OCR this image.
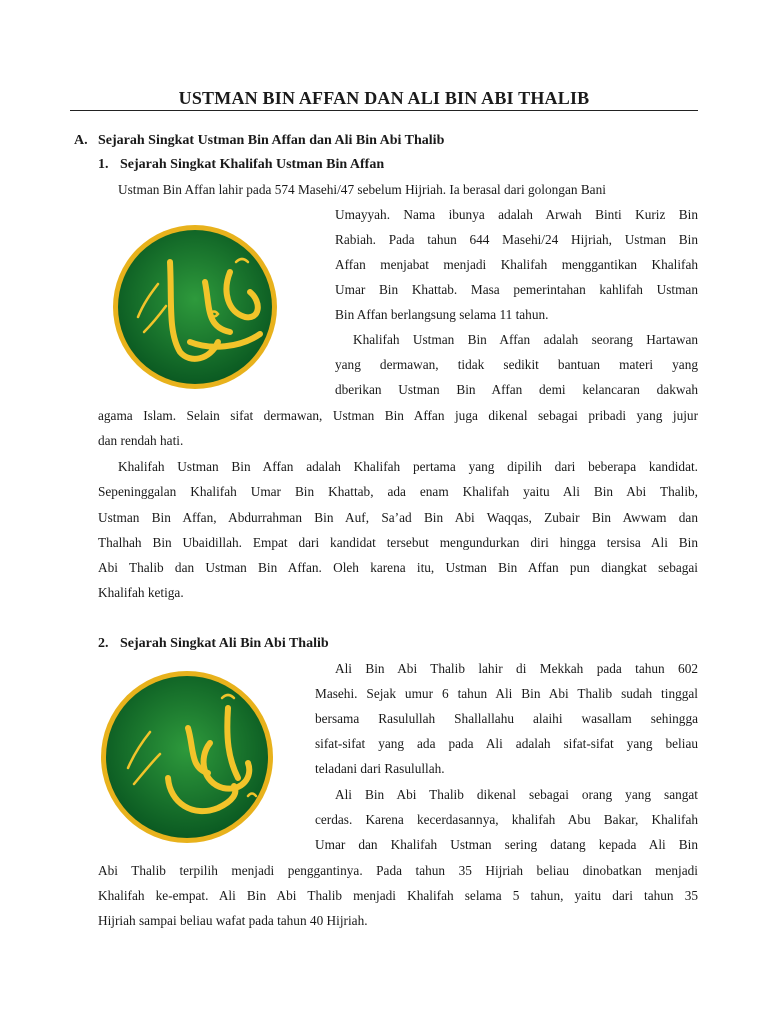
USTMAN BIN AFFAN DAN ALI BIN ABI THALIB
A. Sejarah Singkat Ustman Bin Affan dan Ali Bin Abi Thalib
1. Sejarah Singkat Khalifah Ustman Bin Affan
Ustman Bin Affan lahir pada 574 Masehi/47 sebelum Hijriah. Ia berasal dari golongan Bani
Umayyah. Nama ibunya adalah Arwah Binti Kuriz Bin
Rabiah. Pada tahun 644 Masehi/24 Hijriah, Ustman Bin
Affan menjabat menjadi Khalifah menggantikan Khalifah
Umar Bin Khattab. Masa pemerintahan kahlifah Ustman
Bin Affan berlangsung selama 11 tahun.
Khalifah Ustman Bin Affan adalah seorang Hartawan
yang dermawan, tidak sedikit bantuan materi yang
dberikan Ustman Bin Affan demi kelancaran dakwah
agama Islam. Selain sifat dermawan, Ustman Bin Affan juga dikenal sebagai pribadi yang jujur
dan rendah hati.
Khalifah Ustman Bin Affan adalah Khalifah pertama yang dipilih dari beberapa kandidat.
Sepeninggalan Khalifah Umar Bin Khattab, ada enam Khalifah yaitu Ali Bin Abi Thalib,
Ustman Bin Affan, Abdurrahman Bin Auf, Sa’ad Bin Abi Waqqas, Zubair Bin Awwam dan
Thalhah Bin Ubaidillah. Empat dari kandidat tersebut mengundurkan diri hingga tersisa Ali Bin
Abi Thalib dan Ustman Bin Affan. Oleh karena itu, Ustman Bin Affan pun diangkat sebagai
Khalifah ketiga.
2. Sejarah Singkat Ali Bin Abi Thalib
Ali Bin Abi Thalib lahir di Mekkah pada tahun 602
Masehi. Sejak umur 6 tahun Ali Bin Abi Thalib sudah tinggal
bersama Rasulullah Shallallahu alaihi wasallam sehingga
sifat-sifat yang ada pada Ali adalah sifat-sifat yang beliau
teladani dari Rasulullah.
Ali Bin Abi Thalib dikenal sebagai orang yang sangat
cerdas. Karena kecerdasannya, khalifah Abu Bakar, Khalifah
Umar dan Khalifah Ustman sering datang kepada Ali Bin
Abi Thalib terpilih menjadi penggantinya. Pada tahun 35 Hijriah beliau dinobatkan menjadi
Khalifah ke-empat. Ali Bin Abi Thalib menjadi Khalifah selama 5 tahun, yaitu dari tahun 35
Hijriah sampai beliau wafat pada tahun 40 Hijriah.
